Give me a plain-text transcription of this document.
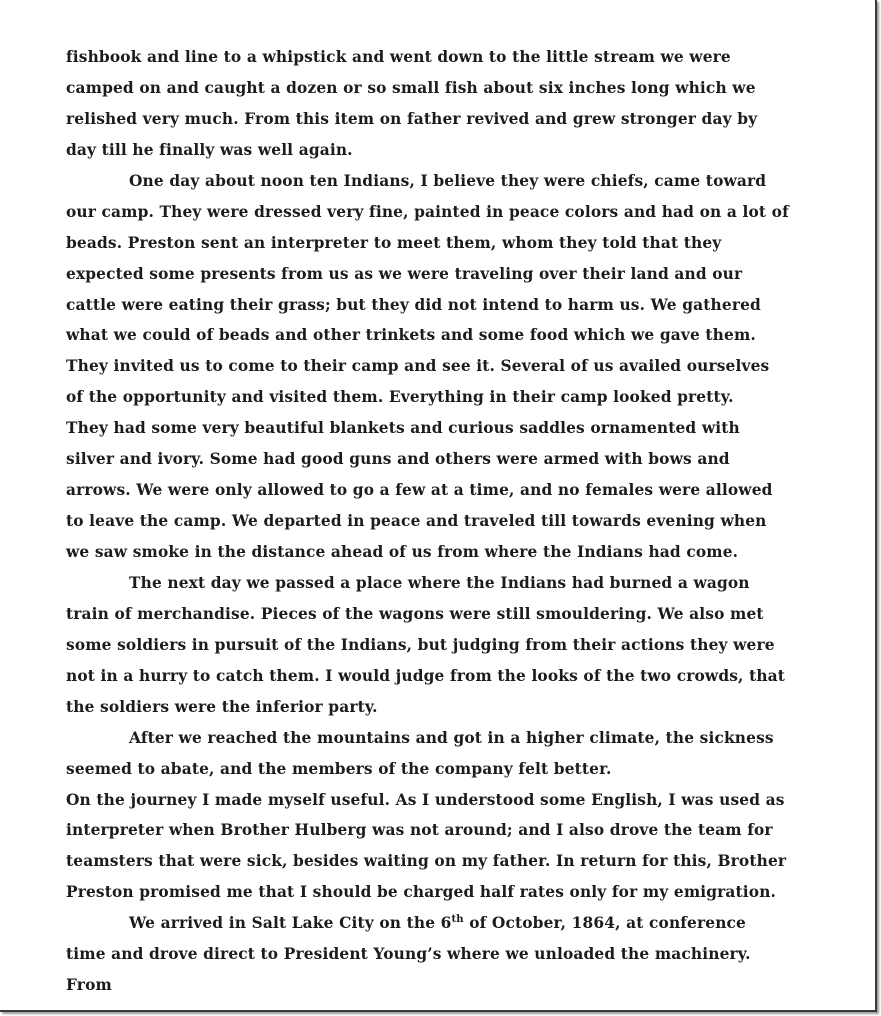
fishbook and line to a whipstick and went down to the little stream we were
camped on and caught a dozen or so small fish about six inches long which we
relished very much. From this item on father revived and grew stronger day by
day till he finally was well again.
One day about noon ten Indians, I believe they were chiefs, came toward
our camp. They were dressed very fine, painted in peace colors and had on a lot of
beads. Preston sent an interpreter to meet them, whom they told that they
expected some presents from us as we were traveling over their land and our
cattle were eating their grass; but they did not intend to harm us. We gathered
what we could of beads and other trinkets and some food which we gave them.
They invited us to come to their camp and see it. Several of us availed ourselves
of the opportunity and visited them. Everything in their camp looked pretty.
They had some very beautiful blankets and curious saddles ornamented with
silver and ivory. Some had good guns and others were armed with bows and
arrows. We were only allowed to go a few at a time, and no females were allowed
to leave the camp. We departed in peace and traveled till towards evening when
we saw smoke in the distance ahead of us from where the Indians had come.
The next day we passed a place where the Indians had burned a wagon
train of merchandise. Pieces of the wagons were still smouldering. We also met
some soldiers in pursuit of the Indians, but judging from their actions they were
not in a hurry to catch them. I would judge from the looks of the two crowds, that
the soldiers were the inferior party.
After we reached the mountains and got in a higher climate, the sickness
seemed to abate, and the members of the company felt better.
On the journey I made myself useful. As I understood some English, I was used as
interpreter when Brother Hulberg was not around; and I also drove the team for
teamsters that were sick, besides waiting on my father. In return for this, Brother
Preston promised me that I should be charged half rates only for my emigration.
We arrived in Salt Lake City on the 6th of October, 1864, at conference
time and drove direct to President Young’s where we unloaded the machinery.
From
